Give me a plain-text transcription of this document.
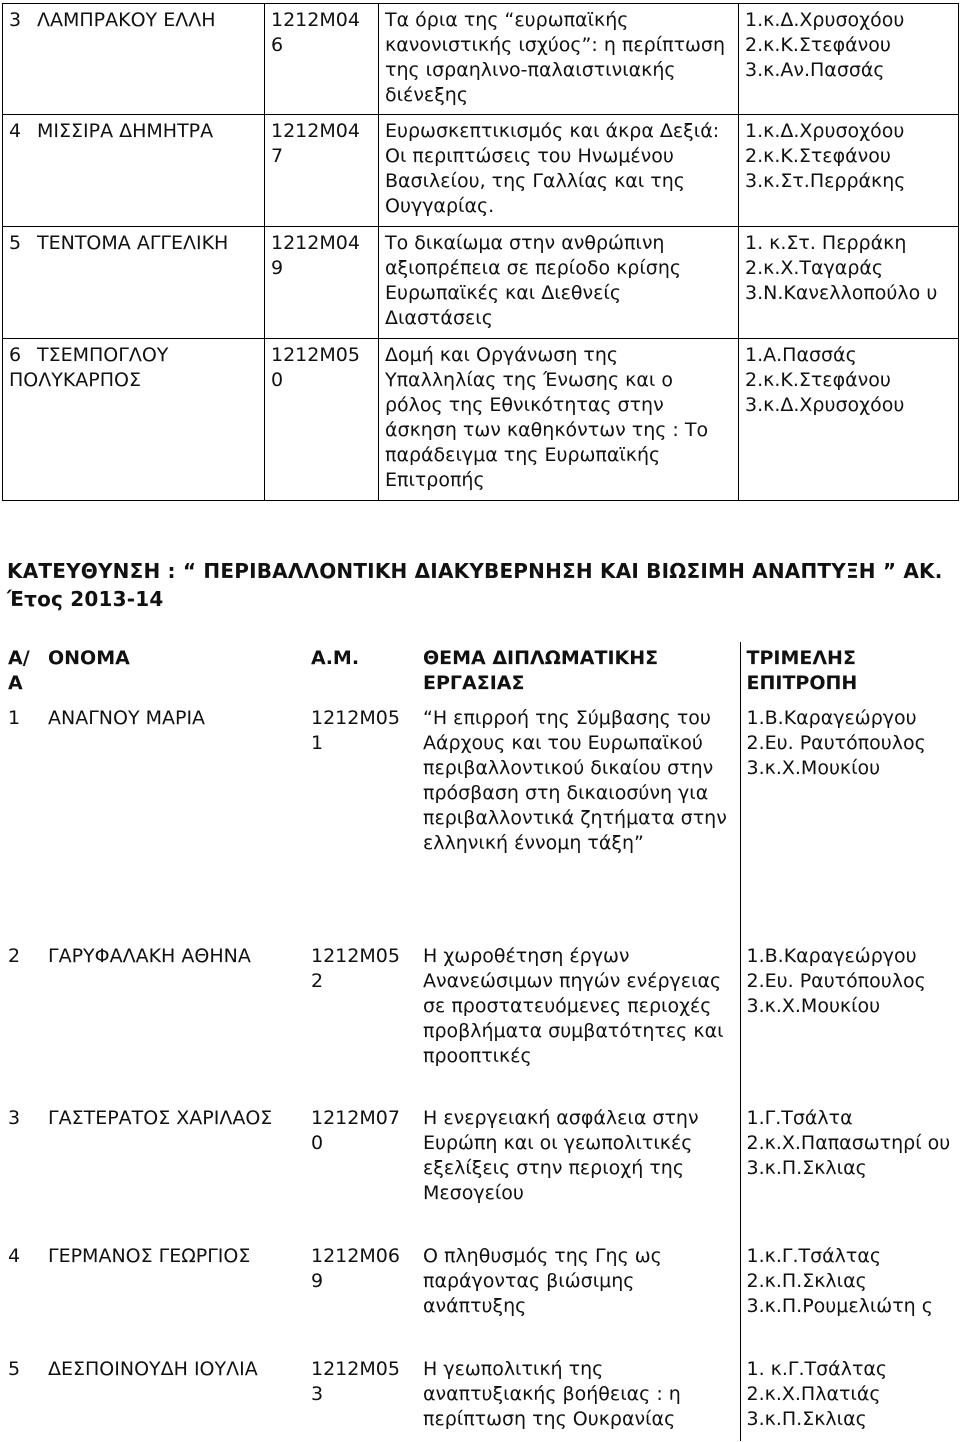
3 ΛΑΜΠΡΑΚΟΥ ΕΛΛΗ	1212M04 6	Τα όρια της “ευρωπαϊκής κανονιστικής ισχύος”: η περίπτωση της ισραηλινο-παλαιστινιακής διένεξης	1.κ.Δ.Χρυσοχόου
2.κ.Κ.Στεφάνου
3.κ.Αν.Πασσάς

4 ΜΙΣΣΙΡΑ ΔΗΜΗΤΡΑ	1212M04 7	Ευρωσκεπτικισμός και άκρα Δεξιά: Οι περιπτώσεις του Ηνωμένου Βασιλείου, της Γαλλίας και της Ουγγαρίας.	1.κ.Δ.Χρυσοχόου
2.κ.Κ.Στεφάνου
3.κ.Στ.Περράκης

5 ΤΕΝΤΟΜΑ ΑΓΓΕΛΙΚΗ	1212M04 9	Το δικαίωμα στην ανθρώπινη αξιοπρέπεια σε περίοδο κρίσης Ευρωπαϊκές και Διεθνείς Διαστάσεις	1. κ.Στ. Περράκη
2.κ.Χ.Ταγαράς
3.Ν.Κανελλοπούλο υ

6 ΤΣΕΜΠΟΓΛΟΥ ΠΟΛΥΚΑΡΠΟΣ	1212M05 0	Δομή και Οργάνωση της Υπαλληλίας της Ένωσης και ο ρόλος της Εθνικότητας στην άσκηση των καθηκόντων της : Το παράδειγμα της Ευρωπαϊκής Επιτροπής	1.Α.Πασσάς
2.κ.Κ.Στεφάνου
3.κ.Δ.Χρυσοχόου
ΚΑΤΕΥΘΥΝΣΗ : “ ΠΕΡΙΒΑΛΛΟΝΤΙΚΗ ΔΙΑΚΥΒΕΡΝΗΣΗ ΚΑΙ ΒΙΩΣΙΜΗ ΑΝΑΠΤΥΞΗ ” ΑΚ. Έτος 2013-14
Α/ Α	ΟΝΟΜΑ	Α.Μ.	ΘΕΜΑ ΔΙΠΛΩΜΑΤΙΚΗΣ ΕΡΓΑΣΙΑΣ	ΤΡΙΜΕΛΗΣ ΕΠΙΤΡΟΠΗ
1	ΑΝΑΓΝΟΥ ΜΑΡΙΑ	1212M05 1	“Η επιρροή της Σύμβασης του Αάρχους και του Ευρωπαϊκού περιβαλλοντικού δικαίου στην πρόσβαση στη δικαιοσύνη για περιβαλλοντικά ζητήματα στην ελληνική έννομη τάξη”	1.Β.Καραγεώργου
2.Ευ. Ραυτόπουλος
3.κ.Χ.Μουκίου

2	ΓΑΡΥΦΑΛΑΚΗ ΑΘΗΝΑ	1212M05 2	Η χωροθέτηση έργων Ανανεώσιμων πηγών ενέργειας σε προστατευόμενες περιοχές προβλήματα συμβατότητες και προοπτικές	1.Β.Καραγεώργου
2.Ευ. Ραυτόπουλος
3.κ.Χ.Μουκίου

3	ΓΑΣΤΕΡΑΤΟΣ ΧΑΡΙΛΑΟΣ	1212M07 0	Η ενεργειακή ασφάλεια στην Ευρώπη και οι γεωπολιτικές εξελίξεις στην περιοχή της Μεσογείου	1.Γ.Τσάλτα
2.κ.Χ.Παπασωτηρί ου
3.κ.Π.Σκλιας

4	ΓΕΡΜΑΝΟΣ ΓΕΩΡΓΙΟΣ	1212M06 9	Ο πληθυσμός της Γης ως παράγοντας βιώσιμης ανάπτυξης	1.κ.Γ.Τσάλτας
2.κ.Π.Σκλιας
3.κ.Π.Ρουμελιώτη ς

5	ΔΕΣΠΟΙΝΟΥΔΗ ΙΟΥΛΙΑ	1212M05 3	Η γεωπολιτική της αναπτυξιακής βοήθειας : η περίπτωση της Ουκρανίας	1. κ.Γ.Τσάλτας
2.κ.Χ.Πλατιάς
3.κ.Π.Σκλιας
